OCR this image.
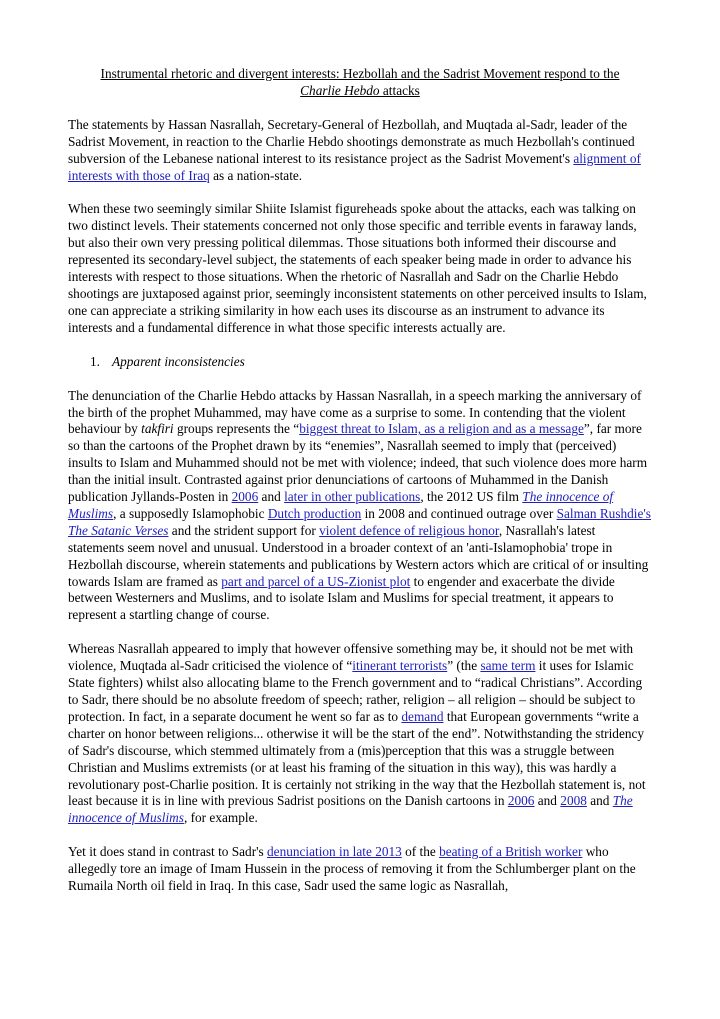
Instrumental rhetoric and divergent interests: Hezbollah and the Sadrist Movement respond to the
Charlie Hebdo attacks

The statements by Hassan Nasrallah, Secretary-General of Hezbollah, and Muqtada al-Sadr, leader of the Sadrist Movement, in reaction to the Charlie Hebdo shootings demonstrate as much Hezbollah's continued subversion of the Lebanese national interest to its resistance project as the Sadrist Movement's alignment of interests with those of Iraq as a nation-state.

When these two seemingly similar Shiite Islamist figureheads spoke about the attacks, each was talking on two distinct levels. Their statements concerned not only those specific and terrible events in faraway lands, but also their own very pressing political dilemmas. Those situations both informed their discourse and represented its secondary-level subject, the statements of each speaker being made in order to advance his interests with respect to those situations. When the rhetoric of Nasrallah and Sadr on the Charlie Hebdo shootings are juxtaposed against prior, seemingly inconsistent statements on other perceived insults to Islam, one can appreciate a striking similarity in how each uses its discourse as an instrument to advance its interests and a fundamental difference in what those specific interests actually are.

1. Apparent inconsistencies

The denunciation of the Charlie Hebdo attacks by Hassan Nasrallah, in a speech marking the anniversary of the birth of the prophet Muhammed, may have come as a surprise to some. In contending that the violent behaviour by takfiri groups represents the “biggest threat to Islam, as a religion and as a message”, far more so than the cartoons of the Prophet drawn by its “enemies”, Nasrallah seemed to imply that (perceived) insults to Islam and Muhammed should not be met with violence; indeed, that such violence does more harm than the initial insult. Contrasted against prior denunciations of cartoons of Muhammed in the Danish publication Jyllands-Posten in 2006 and later in other publications, the 2012 US film The innocence of Muslims, a supposedly Islamophobic Dutch production in 2008 and continued outrage over Salman Rushdie's The Satanic Verses and the strident support for violent defence of religious honor, Nasrallah's latest statements seem novel and unusual. Understood in a broader context of an 'anti-Islamophobia' trope in Hezbollah discourse, wherein statements and publications by Western actors which are critical of or insulting towards Islam are framed as part and parcel of a US-Zionist plot to engender and exacerbate the divide between Westerners and Muslims, and to isolate Islam and Muslims for special treatment, it appears to represent a startling change of course.

Whereas Nasrallah appeared to imply that however offensive something may be, it should not be met with violence, Muqtada al-Sadr criticised the violence of “itinerant terrorists” (the same term it uses for Islamic State fighters) whilst also allocating blame to the French government and to “radical Christians”. According to Sadr, there should be no absolute freedom of speech; rather, religion – all religion – should be subject to protection. In fact, in a separate document he went so far as to demand that European governments “write a charter on honor between religions... otherwise it will be the start of the end”. Notwithstanding the stridency of Sadr's discourse, which stemmed ultimately from a (mis)perception that this was a struggle between Christian and Muslims extremists (or at least his framing of the situation in this way), this was hardly a revolutionary post-Charlie position. It is certainly not striking in the way that the Hezbollah statement is, not least because it is in line with previous Sadrist positions on the Danish cartoons in 2006 and 2008 and The innocence of Muslims, for example.

Yet it does stand in contrast to Sadr's denunciation in late 2013 of the beating of a British worker who allegedly tore an image of Imam Hussein in the process of removing it from the Schlumberger plant on the Rumaila North oil field in Iraq. In this case, Sadr used the same logic as Nasrallah,
